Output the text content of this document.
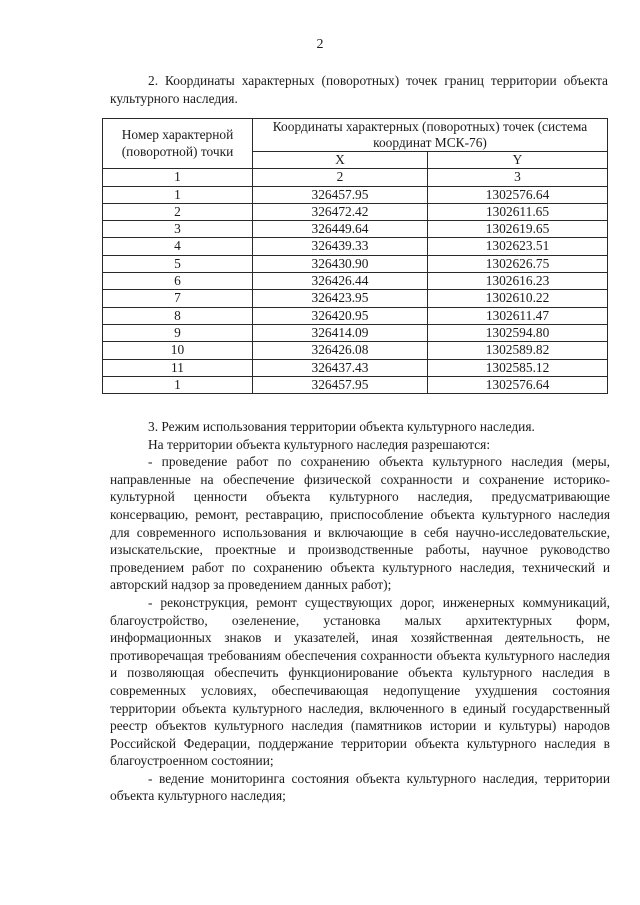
2

2. Координаты характерных (поворотных) точек границ территории объекта культурного наследия.

Номер характерной (поворотной) точки	Координаты характерных (поворотных) точек (система координат МСК-76)	
	X	Y
1	2	3
1	326457.95	1302576.64
2	326472.42	1302611.65
3	326449.64	1302619.65
4	326439.33	1302623.51
5	326430.90	1302626.75
6	326426.44	1302616.23
7	326423.95	1302610.22
8	326420.95	1302611.47
9	326414.09	1302594.80
10	326426.08	1302589.82
11	326437.43	1302585.12
1	326457.95	1302576.64

3. Режим использования территории объекта культурного наследия.

На территории объекта культурного наследия разрешаются:

- проведение работ по сохранению объекта культурного наследия (меры, направленные на обеспечение физической сохранности и сохранение историко-культурной ценности объекта культурного наследия, предусматривающие консервацию, ремонт, реставрацию, приспособление объекта культурного наследия для современного использования и включающие в себя научно-исследовательские, изыскательские, проектные и производственные работы, научное руководство проведением работ по сохранению объекта культурного наследия, технический и авторский надзор за проведением данных работ);

- реконструкция, ремонт существующих дорог, инженерных коммуникаций, благоустройство, озеленение, установка малых архитектурных форм, информационных знаков и указателей, иная хозяйственная деятельность, не противоречащая требованиям обеспечения сохранности объекта культурного наследия и позволяющая обеспечить функционирование объекта культурного наследия в современных условиях, обеспечивающая недопущение ухудшения состояния территории объекта культурного наследия, включенного в единый государственный реестр объектов культурного наследия (памятников истории и культуры) народов Российской Федерации, поддержание территории объекта культурного наследия в благоустроенном состоянии;

- ведение мониторинга состояния объекта культурного наследия, территории объекта культурного наследия;
